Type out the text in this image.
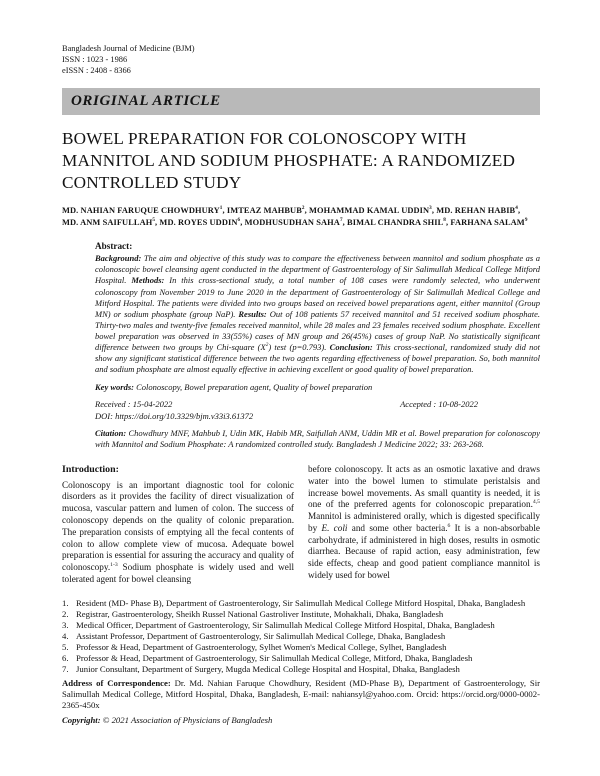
Bangladesh Journal of Medicine (BJM)
ISSN : 1023 - 1986
eISSN : 2408 - 8366
ORIGINAL ARTICLE
BOWEL PREPARATION FOR COLONOSCOPY WITH MANNITOL AND SODIUM PHOSPHATE: A RANDOMIZED CONTROLLED STUDY
MD. NAHIAN FARUQUE CHOWDHURY$^1$, IMTEAZ MAHBUB$^2$, MOHAMMAD KAMAL UDDIN$^3$, MD. REHAN HABIB$^4$,
MD. ANM SAIFULLAH$^5$, MD. ROYES UDDIN$^6$, MODHUSUDHAN SAHA$^7$, BIMAL CHANDRA SHIL$^8$, FARHANA SALAM$^9$
Abstract:

Background: The aim and objective of this study was to compare the effectiveness between mannitol and sodium phosphate as a colonoscopic bowel cleansing agent conducted in the department of Gastroenterology of Sir Salimullah Medical College Mitford Hospital. Methods: In this cross-sectional study, a total number of 108 cases were randomly selected, who underwent colonoscopy from November 2019 to June 2020 in the department of Gastroenterology of Sir Salimullah Medical College and Mitford Hospital. The patients were divided into two groups based on received bowel preparations agent, either mannitol (Group MN) or sodium phosphate (group NaP). Results: Out of 108 patients 57 received mannitol and 51 received sodium phosphate. Thirty-two males and twenty-five females received mannitol, while 28 males and 23 females received sodium phosphate. Excellent bowel preparation was observed in 33(55%) cases of MN group and 26(45%) cases of group NaP. No statistically significant difference between two groups by Chi-square $(X^2)$ test (p=0.793). Conclusion: This cross-sectional, randomized study did not show any significant statistical difference between the two agents regarding effectiveness of bowel preparation. So, both mannitol and sodium phosphate are almost equally effective in achieving excellent or good quality of bowel preparation.

Key words: Colonoscopy, Bowel preparation agent, Quality of bowel preparation

Received : 15-04-2022	Accepted : 10-08-2022

DOI: https://doi.org/10.3329/bjm.v33i3.61372

Citation: Chowdhury MNF, Mahbub I, Udin MK, Habib MR, Saifullah ANM, Uddin MR et al. Bowel preparation for colonoscopy with Mannitol and Sodium Phosphate: A randomized controlled study. Bangladesh J Medicine 2022; 33: 263-268.

Introduction:

Colonoscopy is an important diagnostic tool for colonic disorders as it provides the facility of direct visualization of mucosa, vascular pattern and lumen of colon. The success of colonoscopy depends on the quality of colonic preparation. The preparation consists of emptying all the fecal contents of colon to allow complete view of mucosa. Adequate bowel preparation is essential for assuring the accuracy and quality of colonoscopy.$^{1-3}$ Sodium phosphate is widely used and well tolerated agent for bowel cleansing

before colonoscopy. It acts as an osmotic laxative and draws water into the bowel lumen to stimulate peristalsis and increase bowel movements. As small quantity is needed, it is one of the preferred agents for colonoscopic preparation.$^{4,5}$ Mannitol is administered orally, which is digested specifically by E. coli and some other bacteria.$^6$ It is a non-absorbable carbohydrate, if administered in high doses, results in osmotic diarrhea. Because of rapid action, easy administration, few side effects, cheap and good patient compliance mannitol is widely used for bowel

1. Resident (MD- Phase B), Department of Gastroenterology, Sir Salimullah Medical College Mitford Hospital, Dhaka, Bangladesh
2. Registrar, Gastroenterology, Sheikh Russel National Gastroliver Institute, Mohakhali, Dhaka, Bangladesh
3. Medical Officer, Department of Gastroenterology, Sir Salimullah Medical College Mitford Hospital, Dhaka, Bangladesh
4. Assistant Professor, Department of Gastroenterology, Sir Salimullah Medical College, Dhaka, Bangladesh
5. Professor & Head, Department of Gastroenterology, Sylhet Women's Medical College, Sylhet, Bangladesh
6. Professor & Head, Department of Gastroenterology, Sir Salimullah Medical College, Mitford, Dhaka, Bangladesh
7. Junior Consultant, Department of Surgery, Mugda Medical College Hospital and Hospital, Dhaka, Bangladesh

Address of Correspondence: Dr. Md. Nahian Faruque Chowdhury, Resident (MD-Phase B), Department of Gastroenterology, Sir Salimullah Medical College, Mitford Hospital, Dhaka, Bangladesh, E-mail: nahiansyl@yahoo.com. Orcid: https://orcid.org/0000-0002-2365-450x

Copyright: © 2021 Association of Physicians of Bangladesh
